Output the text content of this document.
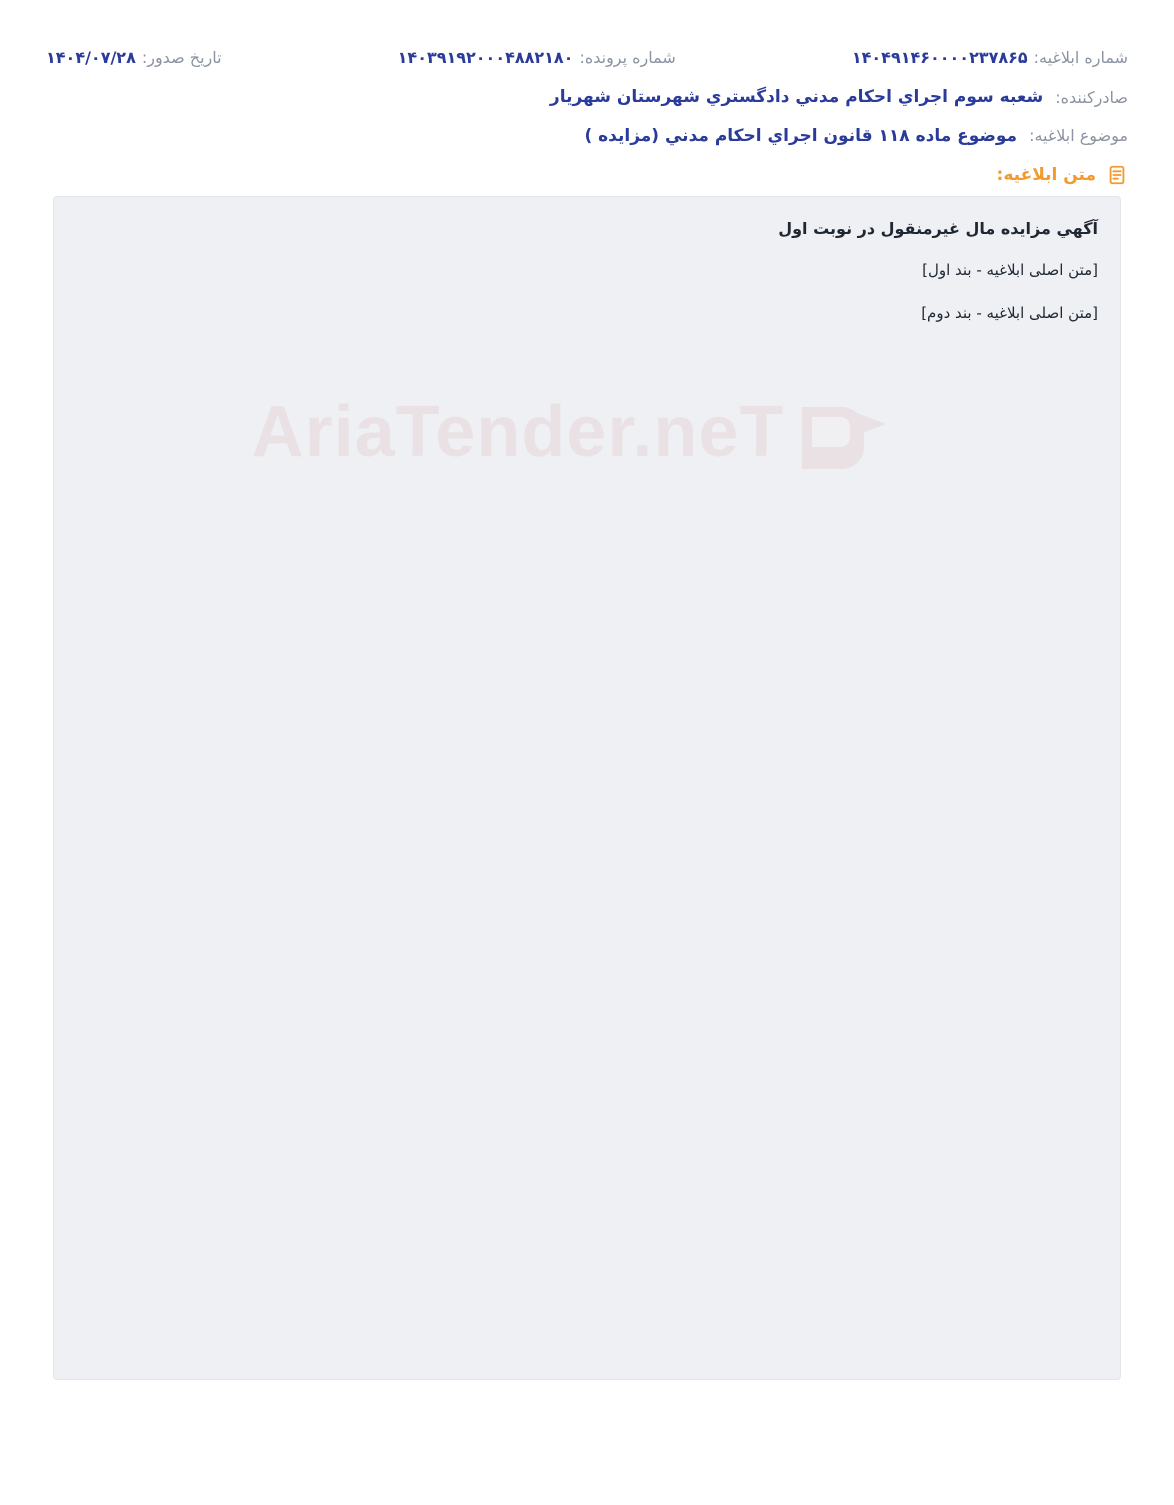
شماره ابلاغیه:
۱۴۰۴۹۱۴۶۰۰۰۰۲۳۷۸۶۵
شماره پرونده:
۱۴۰۳۹۱۹۲۰۰۰۴۸۸۲۱۸۰
تاریخ صدور:
۱۴۰۴/۰۷/۲۸
صادرکننده:
شعبه سوم اجراي احكام مدني دادگستري شهرستان شهريار
موضوع ابلاغیه:
موضوع ماده ۱۱۸ قانون اجراي احكام مدني (مزايده )
متن ابلاغیه:
AriaTender.neT
آگهي مزايده مال غيرمنقول در نوبت اول

[متن اصلی ابلاغیه - بند اول]

[متن اصلی ابلاغیه - بند دوم]
